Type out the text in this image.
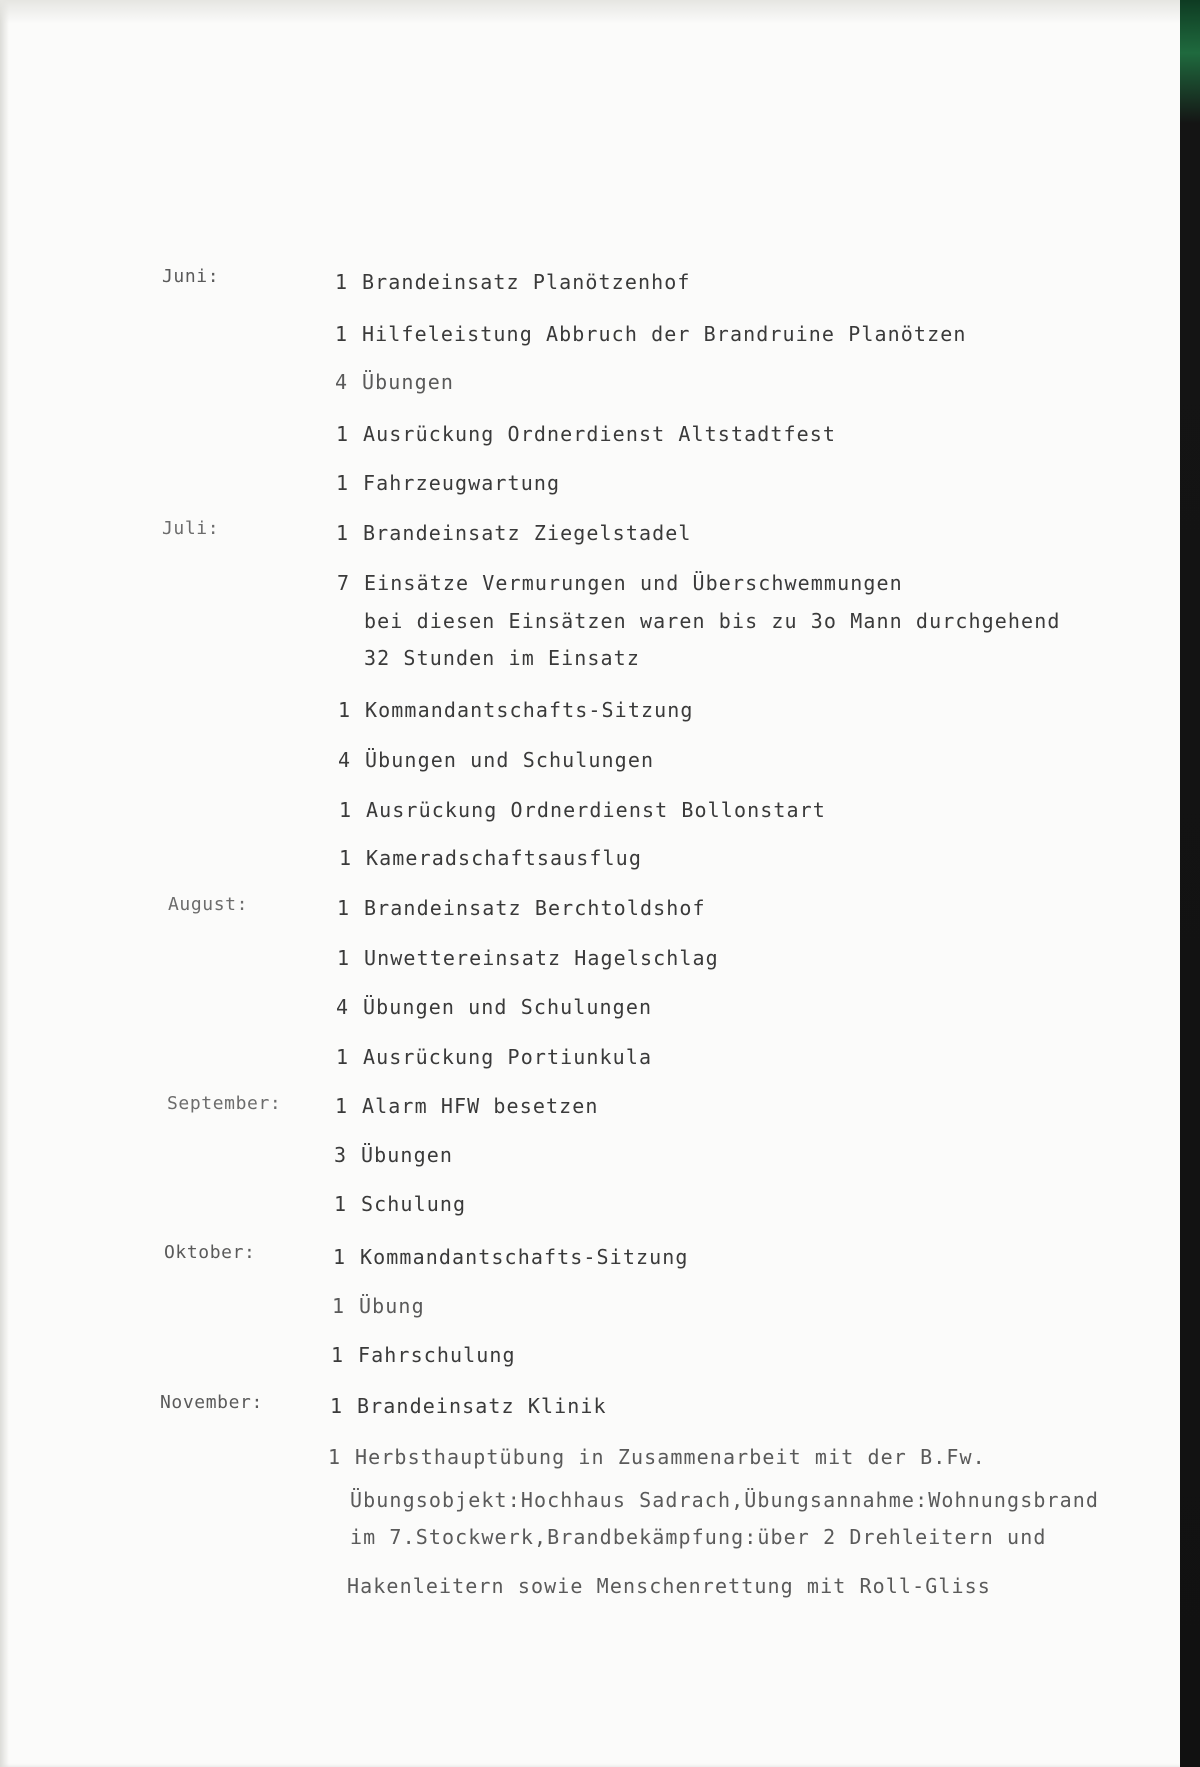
Juni:	1 Brandeinsatz Planötzenhof
1 Hilfeleistung Abbruch der Brandruine Planötzen
4 Übungen
1 Ausrückung Ordnerdienst Altstadtfest
1 Fahrzeugwartung
Juli:	1 Brandeinsatz Ziegelstadel
7 Einsätze Vermurungen und Überschwemmungen
bei diesen Einsätzen waren bis zu 3o Mann durchgehend
32 Stunden im Einsatz
1 Kommandantschafts-Sitzung
4 Übungen und Schulungen
1 Ausrückung Ordnerdienst Bollonstart
1 Kameradschaftsausflug
August:	1 Brandeinsatz Berchtoldshof
1 Unwettereinsatz Hagelschlag
4 Übungen und Schulungen
1 Ausrückung Portiunkula
September:	1 Alarm HFW besetzen
3 Übungen
1 Schulung
Oktober:	1 Kommandantschafts-Sitzung
1 Übung
1 Fahrschulung
November:	1 Brandeinsatz Klinik
1 Herbsthauptübung in Zusammenarbeit mit der B.Fw.
Übungsobjekt:Hochhaus Sadrach,Übungsannahme:Wohnungsbrand
im 7.Stockwerk,Brandbekämpfung:über 2 Drehleitern und
Hakenleitern sowie Menschenrettung mit Roll-Gliss
